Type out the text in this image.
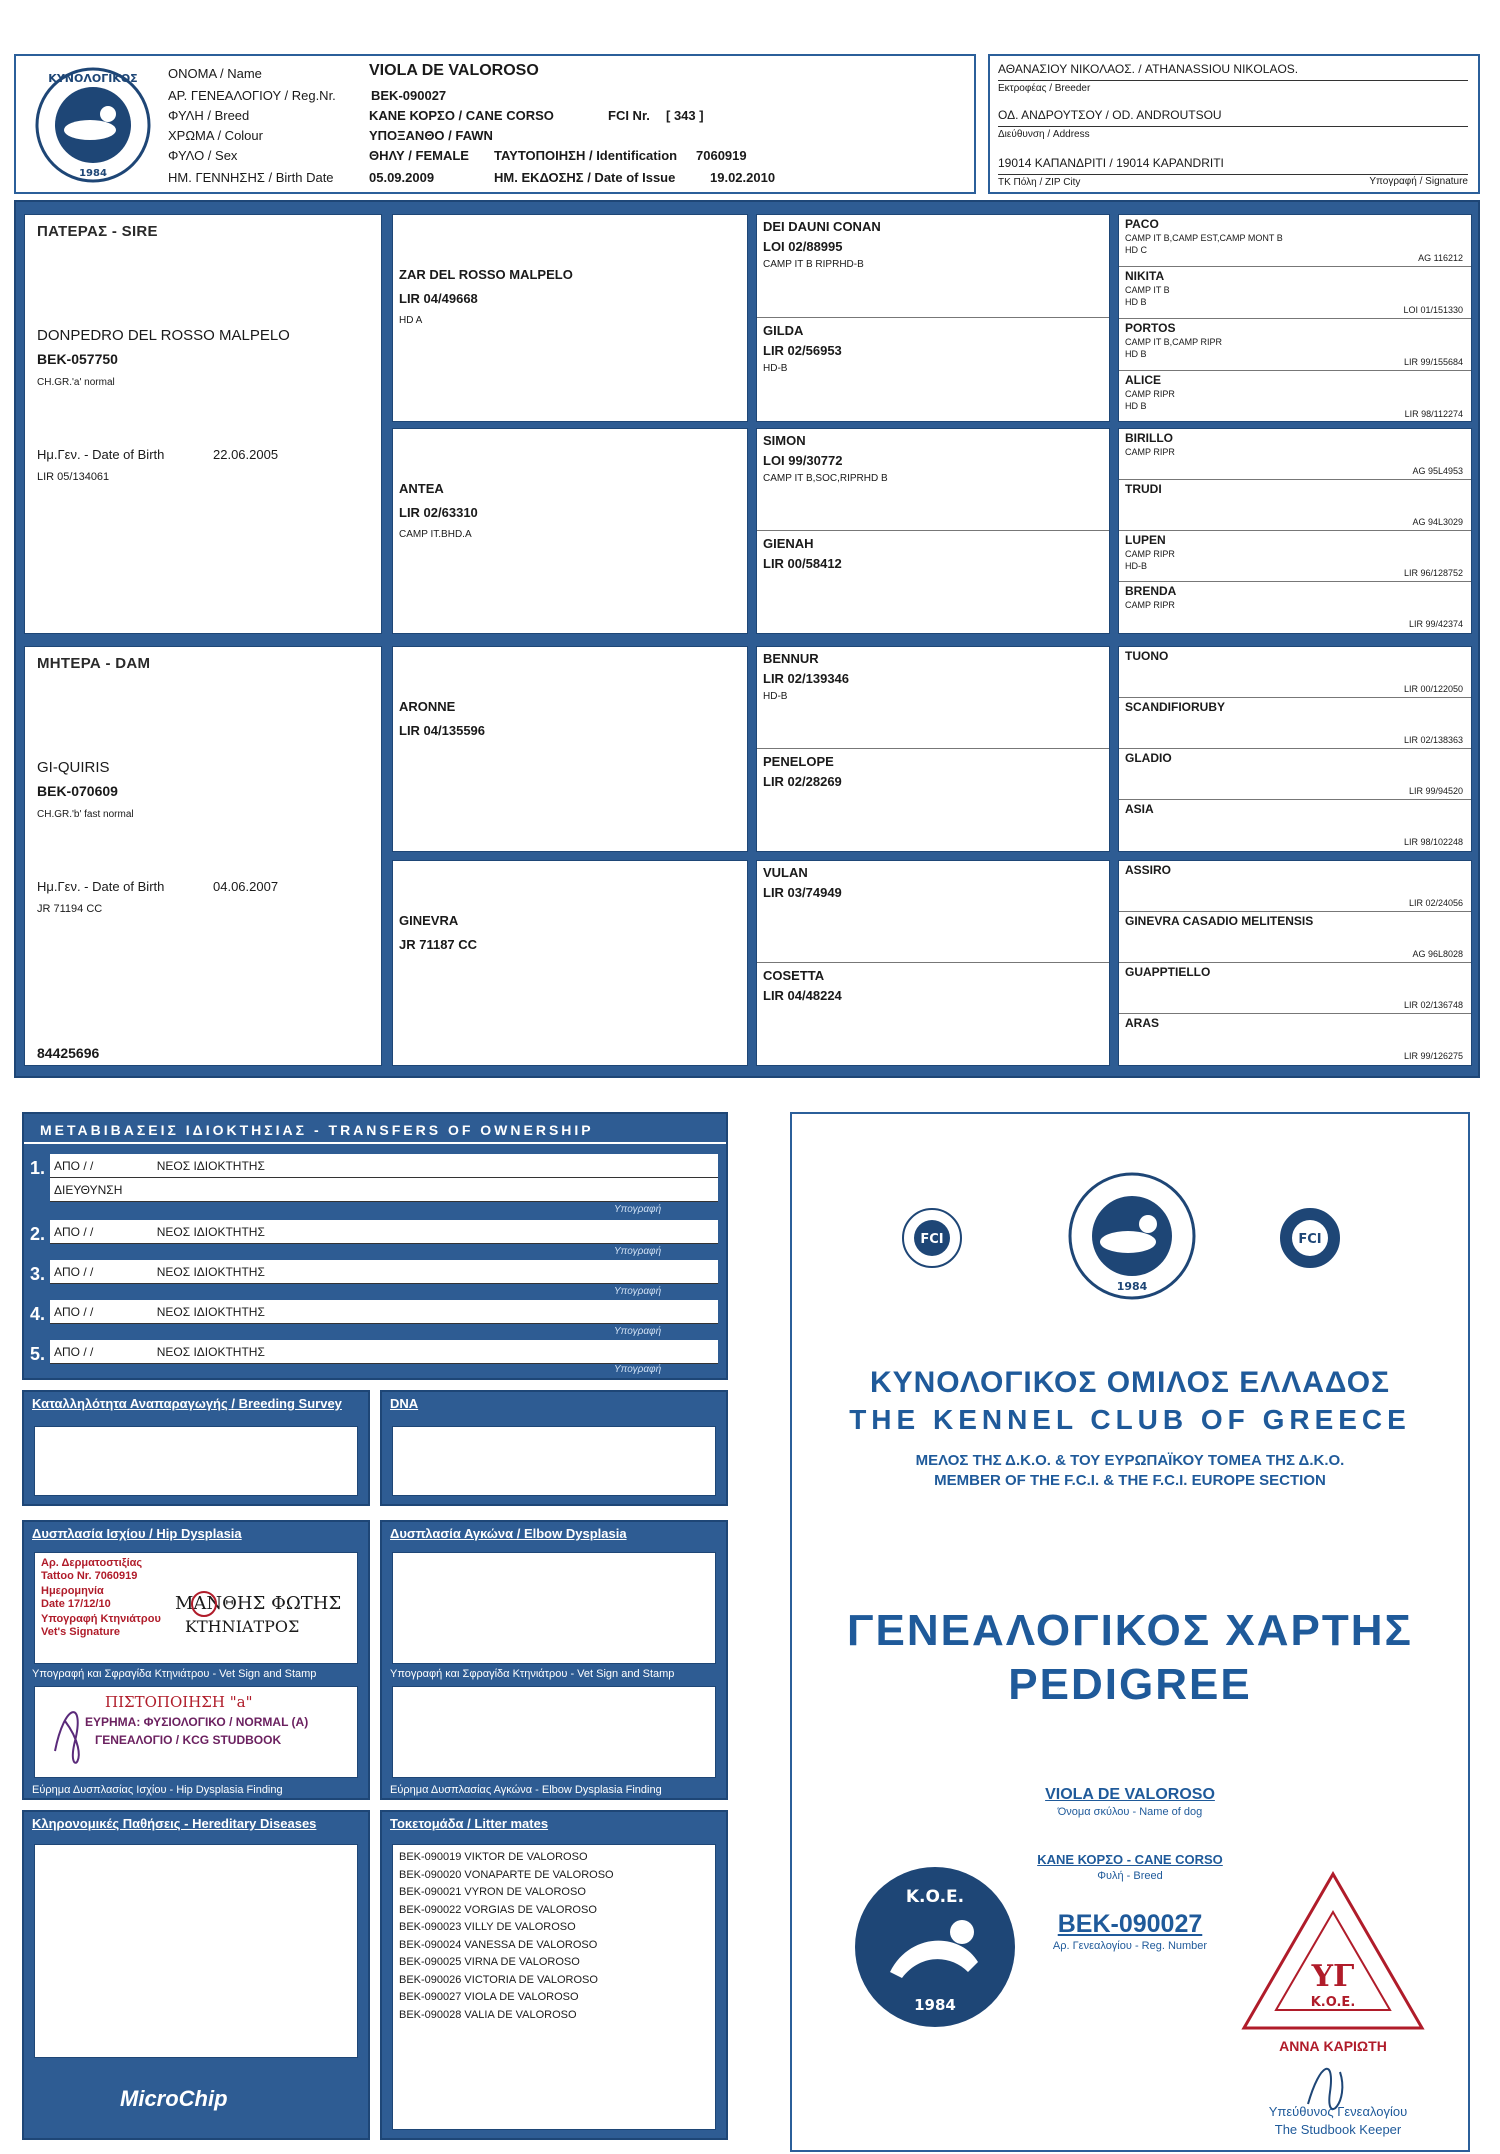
ΚΥΝΟΛΟΓΙΚΟΣ
1984
ΟΝΟΜΑ / Name	VIOLA DE VALOROSO
ΑΡ. ΓΕΝΕΑΛΟΓΙΟΥ / Reg.Nr.	BEK-090027
ΦΥΛΗ / Breed	ΚΑΝΕ ΚΟΡΣΟ / CANE CORSO	FCI Nr. [ 343 ]
ΧΡΩΜΑ / Colour	ΥΠΟΞΑΝΘΟ / FAWN
ΦΥΛΟ / Sex	ΘΗΛΥ / FEMALE ΤΑΥΤΟΠΟΙΗΣΗ / Identification 7060919
ΗΜ. ΓΕΝΝΗΣΗΣ / Birth Date	05.09.2009	ΗΜ. ΕΚΔΟΣΗΣ / Date of Issue	19.02.2010
ΑΘΑΝΑΣΙΟΥ ΝΙΚΟΛΑΟΣ. / ATHANASSIOU NIKOLAOS.
Εκτροφέας / Breeder
ΟΔ. ΑΝΔΡΟΥΤΣΟΥ / OD. ANDROUTSOU
Διεύθυνση / Address
19014 ΚΑΠΑΝΔΡΙΤΙ / 19014 KAPANDRITI
ΤΚ Πόλη / ZIP City	Υπογραφή / Signature
ΠΑΤΕΡΑΣ - SIRE
DONPEDRO DEL ROSSO MALPELO
BEK-057750
CH.GR.'a' normal
Ημ.Γεν. - Date of Birth	22.06.2005
LIR 05/134061
ΜΗΤΕΡΑ - DAM
GI-QUIRIS
BEK-070609
CH.GR.'b' fast normal
Ημ.Γεν. - Date of Birth	04.06.2007
JR 71194 CC
84425696
ZAR DEL ROSSO MALPELO
LIR 04/49668
HD A
ANTEA
LIR 02/63310
CAMP IT.BHD.A
ARONNE
LIR 04/135596
GINEVRA
JR 71187 CC
DEI DAUNI CONAN
LOI 02/88995
CAMP IT B RIPRHD-B
GILDA
LIR 02/56953
HD-B
SIMON
LOI 99/30772
CAMP IT B,SOC,RIPRHD B
GIENAH
LIR 00/58412
BENNUR
LIR 02/139346
HD-B
PENELOPE
LIR 02/28269
VULAN
LIR 03/74949
COSETTA
LIR 04/48224
PACO
CAMP IT B,CAMP EST,CAMP MONT B
HD C
AG 116212
NIKITA
CAMP IT B
HD B
LOI 01/151330
PORTOS
CAMP IT B,CAMP RIPR
HD B
LIR 99/155684
ALICE
CAMP RIPR
HD B
LIR 98/112274
BIRILLO
CAMP RIPR
AG 95L4953
TRUDI
AG 94L3029
LUPEN
CAMP RIPR
HD-B
LIR 96/128752
BRENDA
CAMP RIPR
LIR 99/42374
TUONO
LIR 00/122050
SCANDIFIORUBY
LIR 02/138363
GLADIO
LIR 99/94520
ASIA
LIR 98/102248
ASSIRO
LIR 02/24056
GINEVRA CASADIO MELITENSIS
AG 96L8028
GUAPPTIELLO
LIR 02/136748
ARAS
LIR 99/126275
ΜΕΤΑΒΙΒΑΣΕΙΣ ΙΔΙΟΚΤΗΣΙΑΣ - TRANSFERS OF OWNERSHIP
1. ΑΠΟ / /	ΝΕΟΣ ΙΔΙΟΚΤΗΤΗΣ
ΔΙΕΥΘΥΝΣΗ
Υπογραφή
2. ΑΠΟ / /	ΝΕΟΣ ΙΔΙΟΚΤΗΤΗΣ
Υπογραφή
3. ΑΠΟ / /	ΝΕΟΣ ΙΔΙΟΚΤΗΤΗΣ
Υπογραφή
4. ΑΠΟ / /	ΝΕΟΣ ΙΔΙΟΚΤΗΤΗΣ
Υπογραφή
5. ΑΠΟ / /	ΝΕΟΣ ΙΔΙΟΚΤΗΤΗΣ
Υπογραφή
Καταλληλότητα Αναπαραγωγής / Breeding Survey	DNA
Δυσπλασία Ισχίου / Hip Dysplasia
Αρ. Δερματοστιξίας
Tattoo Nr. 7060919
Ημερομηνία
Date 17/12/10
Υπογραφή Κτηνιάτρου
Vet's Signature
ΜΑΝΘΗΣ ΦΩΤΗΣ
ΚΤΗΝΙΑΤΡΟΣ
Υπογραφή και Σφραγίδα Κτηνιάτρου - Vet Sign and Stamp
ΠΙΣΤΟΠΟΙΗΣΗ "a"
ΕΥΡΗΜΑ: ΦΥΣΙΟΛΟΓΙΚΟ / NORMAL (A)
ΓΕΝΕΑΛΟΓΙΟ / KCG STUDBOOK
Εύρημα Δυσπλασίας Ισχίου - Hip Dysplasia Finding
Δυσπλασία Αγκώνα / Elbow Dysplasia
Υπογραφή και Σφραγίδα Κτηνιάτρου - Vet Sign and Stamp
Εύρημα Δυσπλασίας Αγκώνα - Elbow Dysplasia Finding
Κληρονομικές Παθήσεις - Hereditary Diseases
MicroChip
Τοκετομάδα / Litter mates
BEK-090019 VIKTOR DE VALOROSO
BEK-090020 VONAPARTE DE VALOROSO
BEK-090021 VYRON DE VALOROSO
BEK-090022 VORGIAS DE VALOROSO
BEK-090023 VILLY DE VALOROSO
BEK-090024 VANESSA DE VALOROSO
BEK-090025 VIRNA DE VALOROSO
BEK-090026 VICTORIA DE VALOROSO
BEK-090027 VIOLA DE VALOROSO
BEK-090028 VALIA DE VALOROSO
FCI
1984
FCI
ΚΥΝΟΛΟΓΙΚΟΣ ΟΜΙΛΟΣ ΕΛΛΑΔΟΣ
THE KENNEL CLUB OF GREECE
ΜΕΛΟΣ ΤΗΣ Δ.Κ.Ο. & ΤΟΥ ΕΥΡΩΠΑΪΚΟΥ ΤΟΜΕΑ ΤΗΣ Δ.Κ.Ο.
MEMBER OF THE F.C.I. & THE F.C.I. EUROPE SECTION
ΓΕΝΕΑΛΟΓΙΚΟΣ ΧΑΡΤΗΣ
PEDIGREE
VIOLA DE VALOROSO
Όνομα σκύλου - Name of dog
ΚΑΝΕ ΚΟΡΣΟ - CANE CORSO
Φυλή - Breed
BEK-090027
Αρ. Γενεαλογίου - Reg. Number
K.O.E.
1984
ΥΓ
K.O.E.
ΑΝΝΑ ΚΑΡΙΩΤΗ
Υπεύθυνος Γενεαλογίου
The Studbook Keeper
